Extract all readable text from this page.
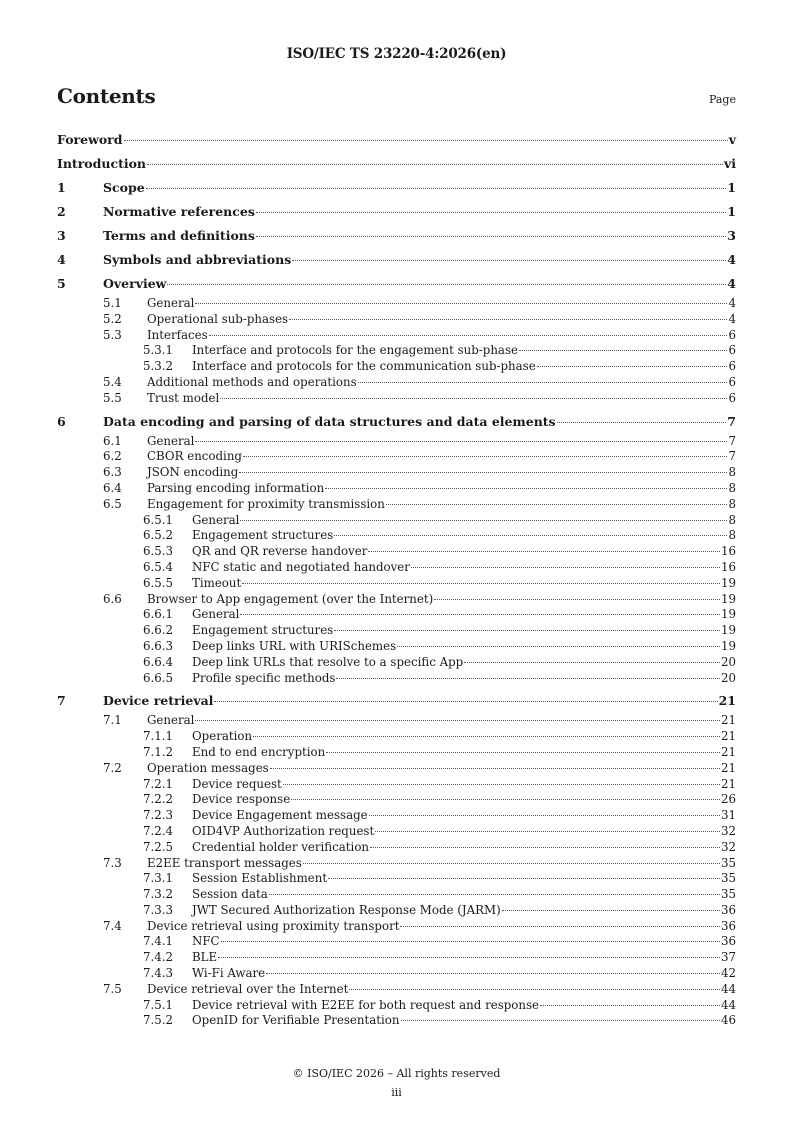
ISO/IEC TS 23220-4:2026(en)
Contents	Page
Foreword	v
Introduction	vi
1	Scope	1
2	Normative references	1
3	Terms and definitions	3
4	Symbols and abbreviations	4
5	Overview	4
5.1	General	4
5.2	Operational sub-phases	4
5.3	Interfaces	6
5.3.1	Interface and protocols for the engagement sub-phase	6
5.3.2	Interface and protocols for the communication sub-phase	6
5.4	Additional methods and operations	6
5.5	Trust model	6
6	Data encoding and parsing of data structures and data elements	7
6.1	General	7
6.2	CBOR encoding	7
6.3	JSON encoding	8
6.4	Parsing encoding information	8
6.5	Engagement for proximity transmission	8
6.5.1	General	8
6.5.2	Engagement structures	8
6.5.3	QR and QR reverse handover	16
6.5.4	NFC static and negotiated handover	16
6.5.5	Timeout	19
6.6	Browser to App engagement (over the Internet)	19
6.6.1	General	19
6.6.2	Engagement structures	19
6.6.3	Deep links URL with URISchemes	19
6.6.4	Deep link URLs that resolve to a specific App	20
6.6.5	Profile specific methods	20
7	Device retrieval	21
7.1	General	21
7.1.1	Operation	21
7.1.2	End to end encryption	21
7.2	Operation messages	21
7.2.1	Device request	21
7.2.2	Device response	26
7.2.3	Device Engagement message	31
7.2.4	OID4VP Authorization request	32
7.2.5	Credential holder verification	32
7.3	E2EE transport messages	35
7.3.1	Session Establishment	35
7.3.2	Session data	35
7.3.3	JWT Secured Authorization Response Mode (JARM)	36
7.4	Device retrieval using proximity transport	36
7.4.1	NFC	36
7.4.2	BLE	37
7.4.3	Wi-Fi Aware	42
7.5	Device retrieval over the Internet	44
7.5.1	Device retrieval with E2EE for both request and response	44
7.5.2	OpenID for Verifiable Presentation	46
© ISO/IEC 2026 – All rights reserved
iii
